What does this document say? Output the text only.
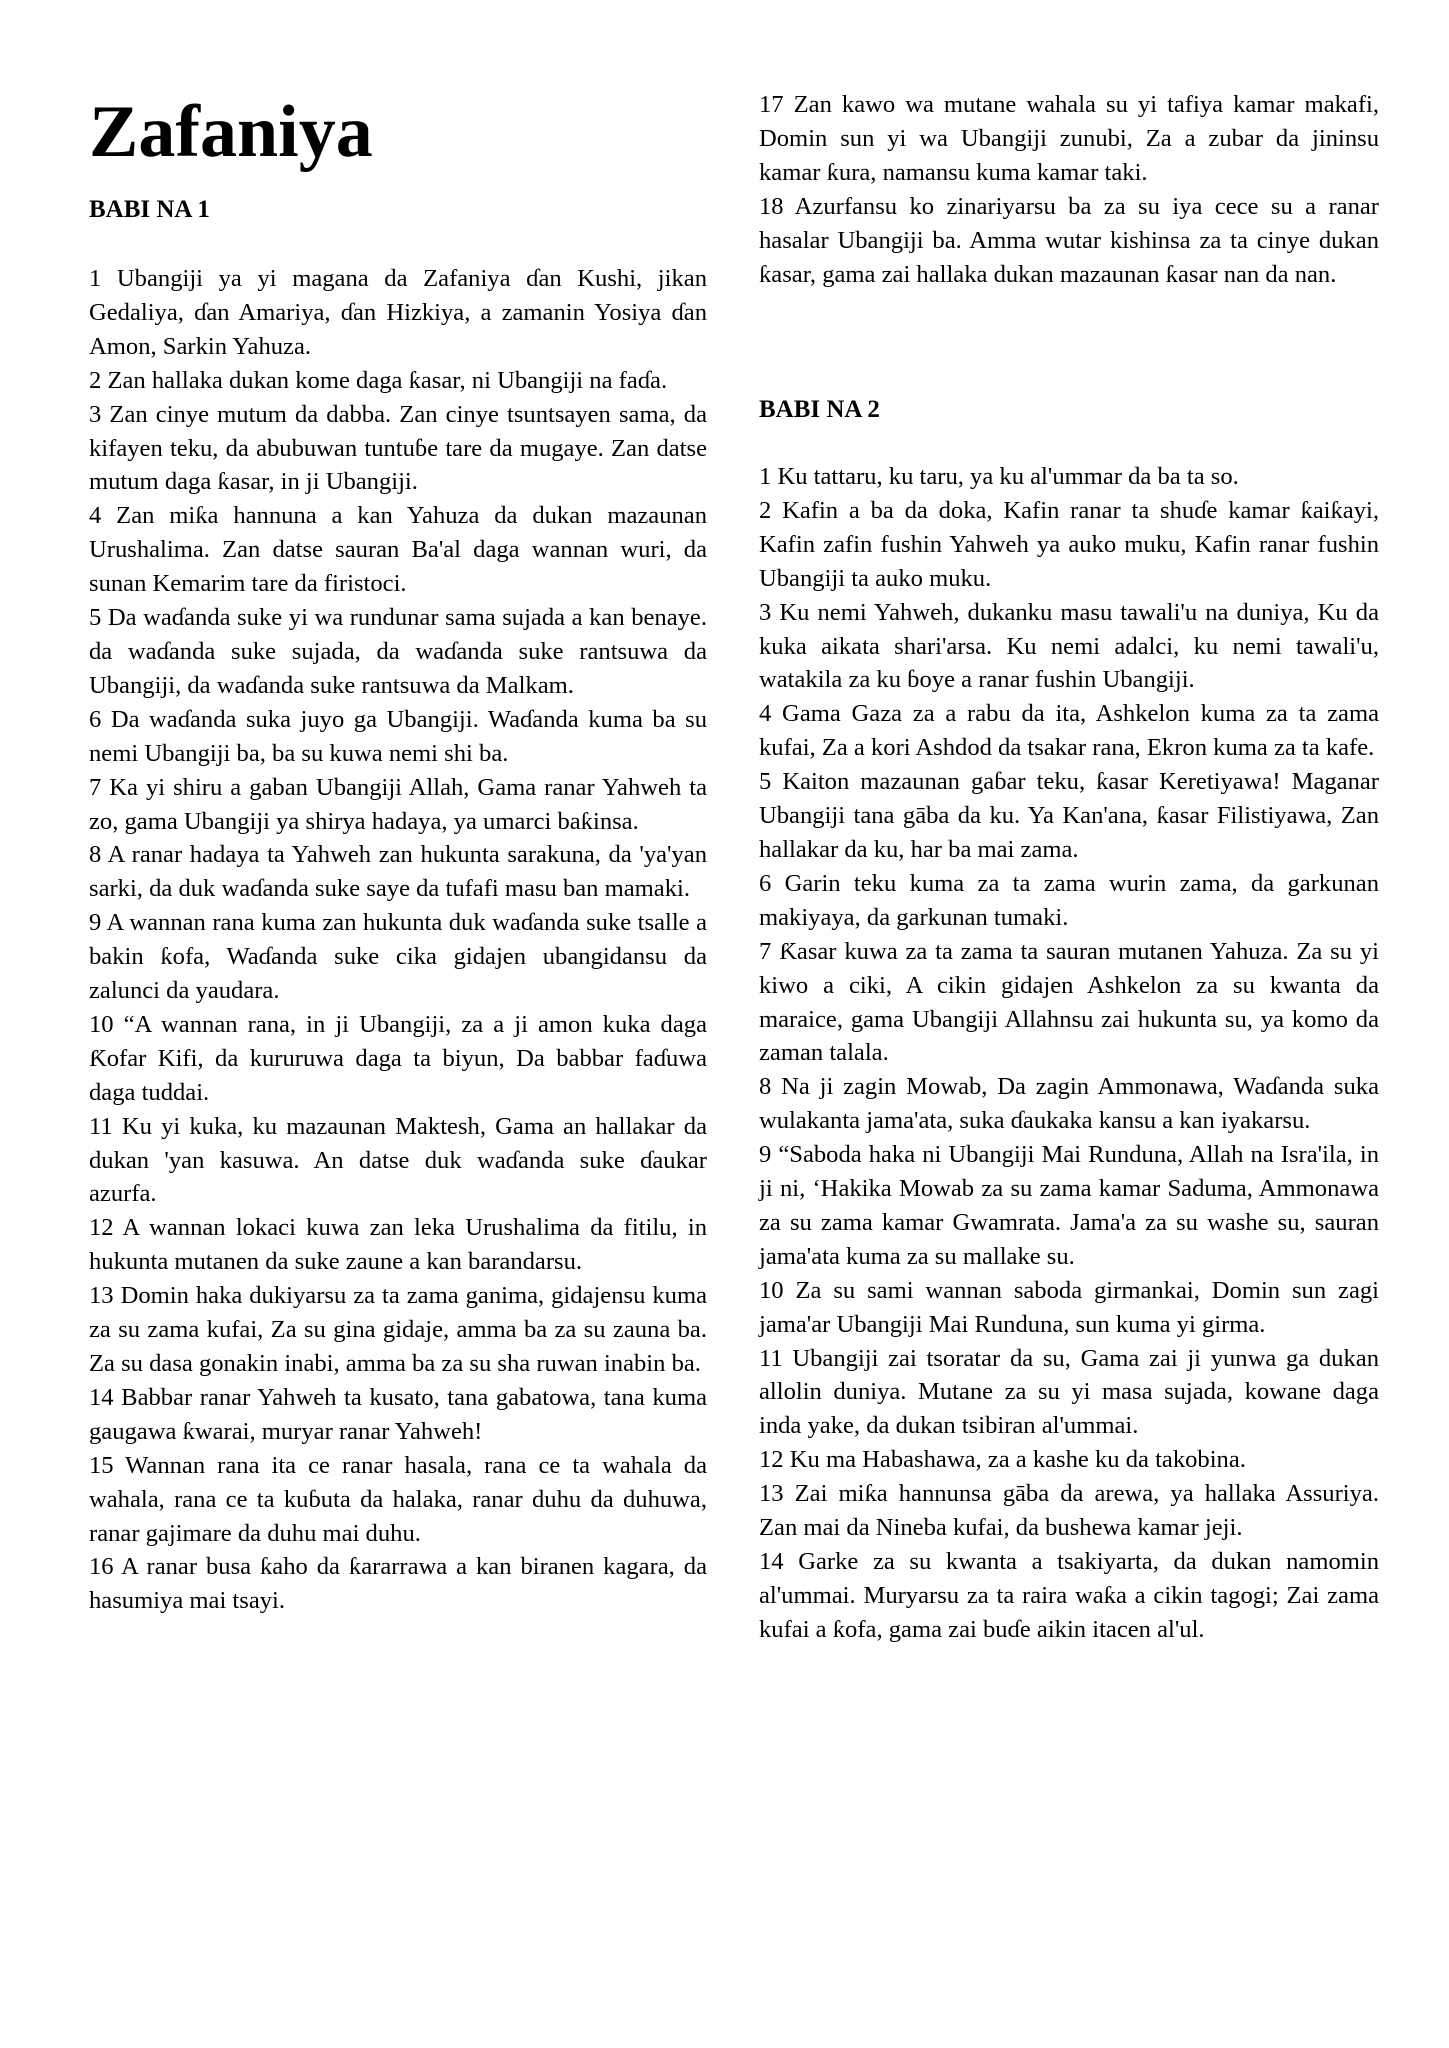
Zafaniya
BABI NA 1

1 Ubangiji ya yi magana da Zafaniya ɗan Kushi, jikan Gedaliya, ɗan Amariya, ɗan Hizkiya, a zamanin Yosiya ɗan Amon, Sarkin Yahuza.

2 Zan hallaka dukan kome daga ƙasar, ni Ubangiji na faɗa.

3 Zan cinye mutum da dabba. Zan cinye tsuntsayen sama, da kifayen teku, da abubuwan tuntuɓe tare da mugaye. Zan datse mutum daga ƙasar, in ji Ubangiji.

4 Zan miƙa hannuna a kan Yahuza da dukan mazaunan Urushalima. Zan datse sauran Ba'al daga wannan wuri, da sunan Kemarim tare da firistoci.

5 Da waɗanda suke yi wa rundunar sama sujada a kan benaye. da waɗanda suke sujada, da waɗanda suke rantsuwa da Ubangiji, da waɗanda suke rantsuwa da Malkam.

6 Da waɗanda suka juyo ga Ubangiji. Waɗanda kuma ba su nemi Ubangiji ba, ba su kuwa nemi shi ba.

7 Ka yi shiru a gaban Ubangiji Allah, Gama ranar Yahweh ta zo, gama Ubangiji ya shirya hadaya, ya umarci baƙinsa.

8 A ranar hadaya ta Yahweh zan hukunta sarakuna, da 'ya'yan sarki, da duk waɗanda suke saye da tufafi masu ban mamaki.

9 A wannan rana kuma zan hukunta duk waɗanda suke tsalle a bakin ƙofa, Waɗanda suke cika gidajen ubangidansu da zalunci da yaudara.

10 “A wannan rana, in ji Ubangiji, za a ji amon kuka daga Ƙofar Kifi, da kururuwa daga ta biyun, Da babbar faɗuwa daga tuddai.

11 Ku yi kuka, ku mazaunan Maktesh, Gama an hallakar da dukan 'yan kasuwa. An datse duk waɗanda suke ɗaukar azurfa.

12 A wannan lokaci kuwa zan leka Urushalima da fitilu, in hukunta mutanen da suke zaune a kan barandarsu.

13 Domin haka dukiyarsu za ta zama ganima, gidajensu kuma za su zama kufai, Za su gina gidaje, amma ba za su zauna ba. Za su dasa gonakin inabi, amma ba za su sha ruwan inabin ba.

14 Babbar ranar Yahweh ta kusato, tana gabatowa, tana kuma gaugawa ƙwarai, muryar ranar Yahweh!

15 Wannan rana ita ce ranar hasala, rana ce ta wahala da wahala, rana ce ta kuɓuta da halaka, ranar duhu da duhuwa, ranar gajimare da duhu mai duhu.

16 A ranar busa ƙaho da ƙararrawa a kan biranen kagara, da hasumiya mai tsayi.

17 Zan kawo wa mutane wahala su yi tafiya kamar makafi, Domin sun yi wa Ubangiji zunubi, Za a zubar da jininsu kamar ƙura, namansu kuma kamar taki.

18 Azurfansu ko zinariyarsu ba za su iya cece su a ranar hasalar Ubangiji ba. Amma wutar kishinsa za ta cinye dukan ƙasar, gama zai hallaka dukan mazaunan ƙasar nan da nan.

BABI NA 2

1 Ku tattaru, ku taru, ya ku al'ummar da ba ta so.

2 Kafin a ba da doka, Kafin ranar ta shuɗe kamar ƙaiƙayi, Kafin zafin fushin Yahweh ya auko muku, Kafin ranar fushin Ubangiji ta auko muku.

3 Ku nemi Yahweh, dukanku masu tawali'u na duniya, Ku da kuka aikata shari'arsa. Ku nemi adalci, ku nemi tawali'u, watakila za ku ɓoye a ranar fushin Ubangiji.

4 Gama Gaza za a rabu da ita, Ashkelon kuma za ta zama kufai, Za a kori Ashdod da tsakar rana, Ekron kuma za ta kafe.

5 Kaiton mazaunan gaɓar teku, ƙasar Keretiyawa! Maganar Ubangiji tana gāba da ku. Ya Kan'ana, ƙasar Filistiyawa, Zan hallakar da ku, har ba mai zama.

6 Garin teku kuma za ta zama wurin zama, da garkunan makiyaya, da garkunan tumaki.

7 Ƙasar kuwa za ta zama ta sauran mutanen Yahuza. Za su yi kiwo a ciki, A cikin gidajen Ashkelon za su kwanta da maraice, gama Ubangiji Allahnsu zai hukunta su, ya komo da zaman talala.

8 Na ji zagin Mowab, Da zagin Ammonawa, Waɗanda suka wulakanta jama'ata, suka ɗaukaka kansu a kan iyakarsu.

9 “Saboda haka ni Ubangiji Mai Runduna, Allah na Isra'ila, in ji ni, ‘Hakika Mowab za su zama kamar Saduma, Ammonawa za su zama kamar Gwamrata. Jama'a za su washe su, sauran jama'ata kuma za su mallake su.

10 Za su sami wannan saboda girmankai, Domin sun zagi jama'ar Ubangiji Mai Runduna, sun kuma yi girma.

11 Ubangiji zai tsoratar da su, Gama zai ji yunwa ga dukan allolin duniya. Mutane za su yi masa sujada, kowane daga inda yake, da dukan tsibiran al'ummai.

12 Ku ma Habashawa, za a kashe ku da takobina.

13 Zai miƙa hannunsa gāba da arewa, ya hallaka Assuriya. Zan mai da Nineba kufai, da bushewa kamar jeji.

14 Garke za su kwanta a tsakiyarta, da dukan namomin al'ummai. Muryarsu za ta raira waƙa a cikin tagogi; Zai zama kufai a ƙofa, gama zai buɗe aikin itacen al'ul.
